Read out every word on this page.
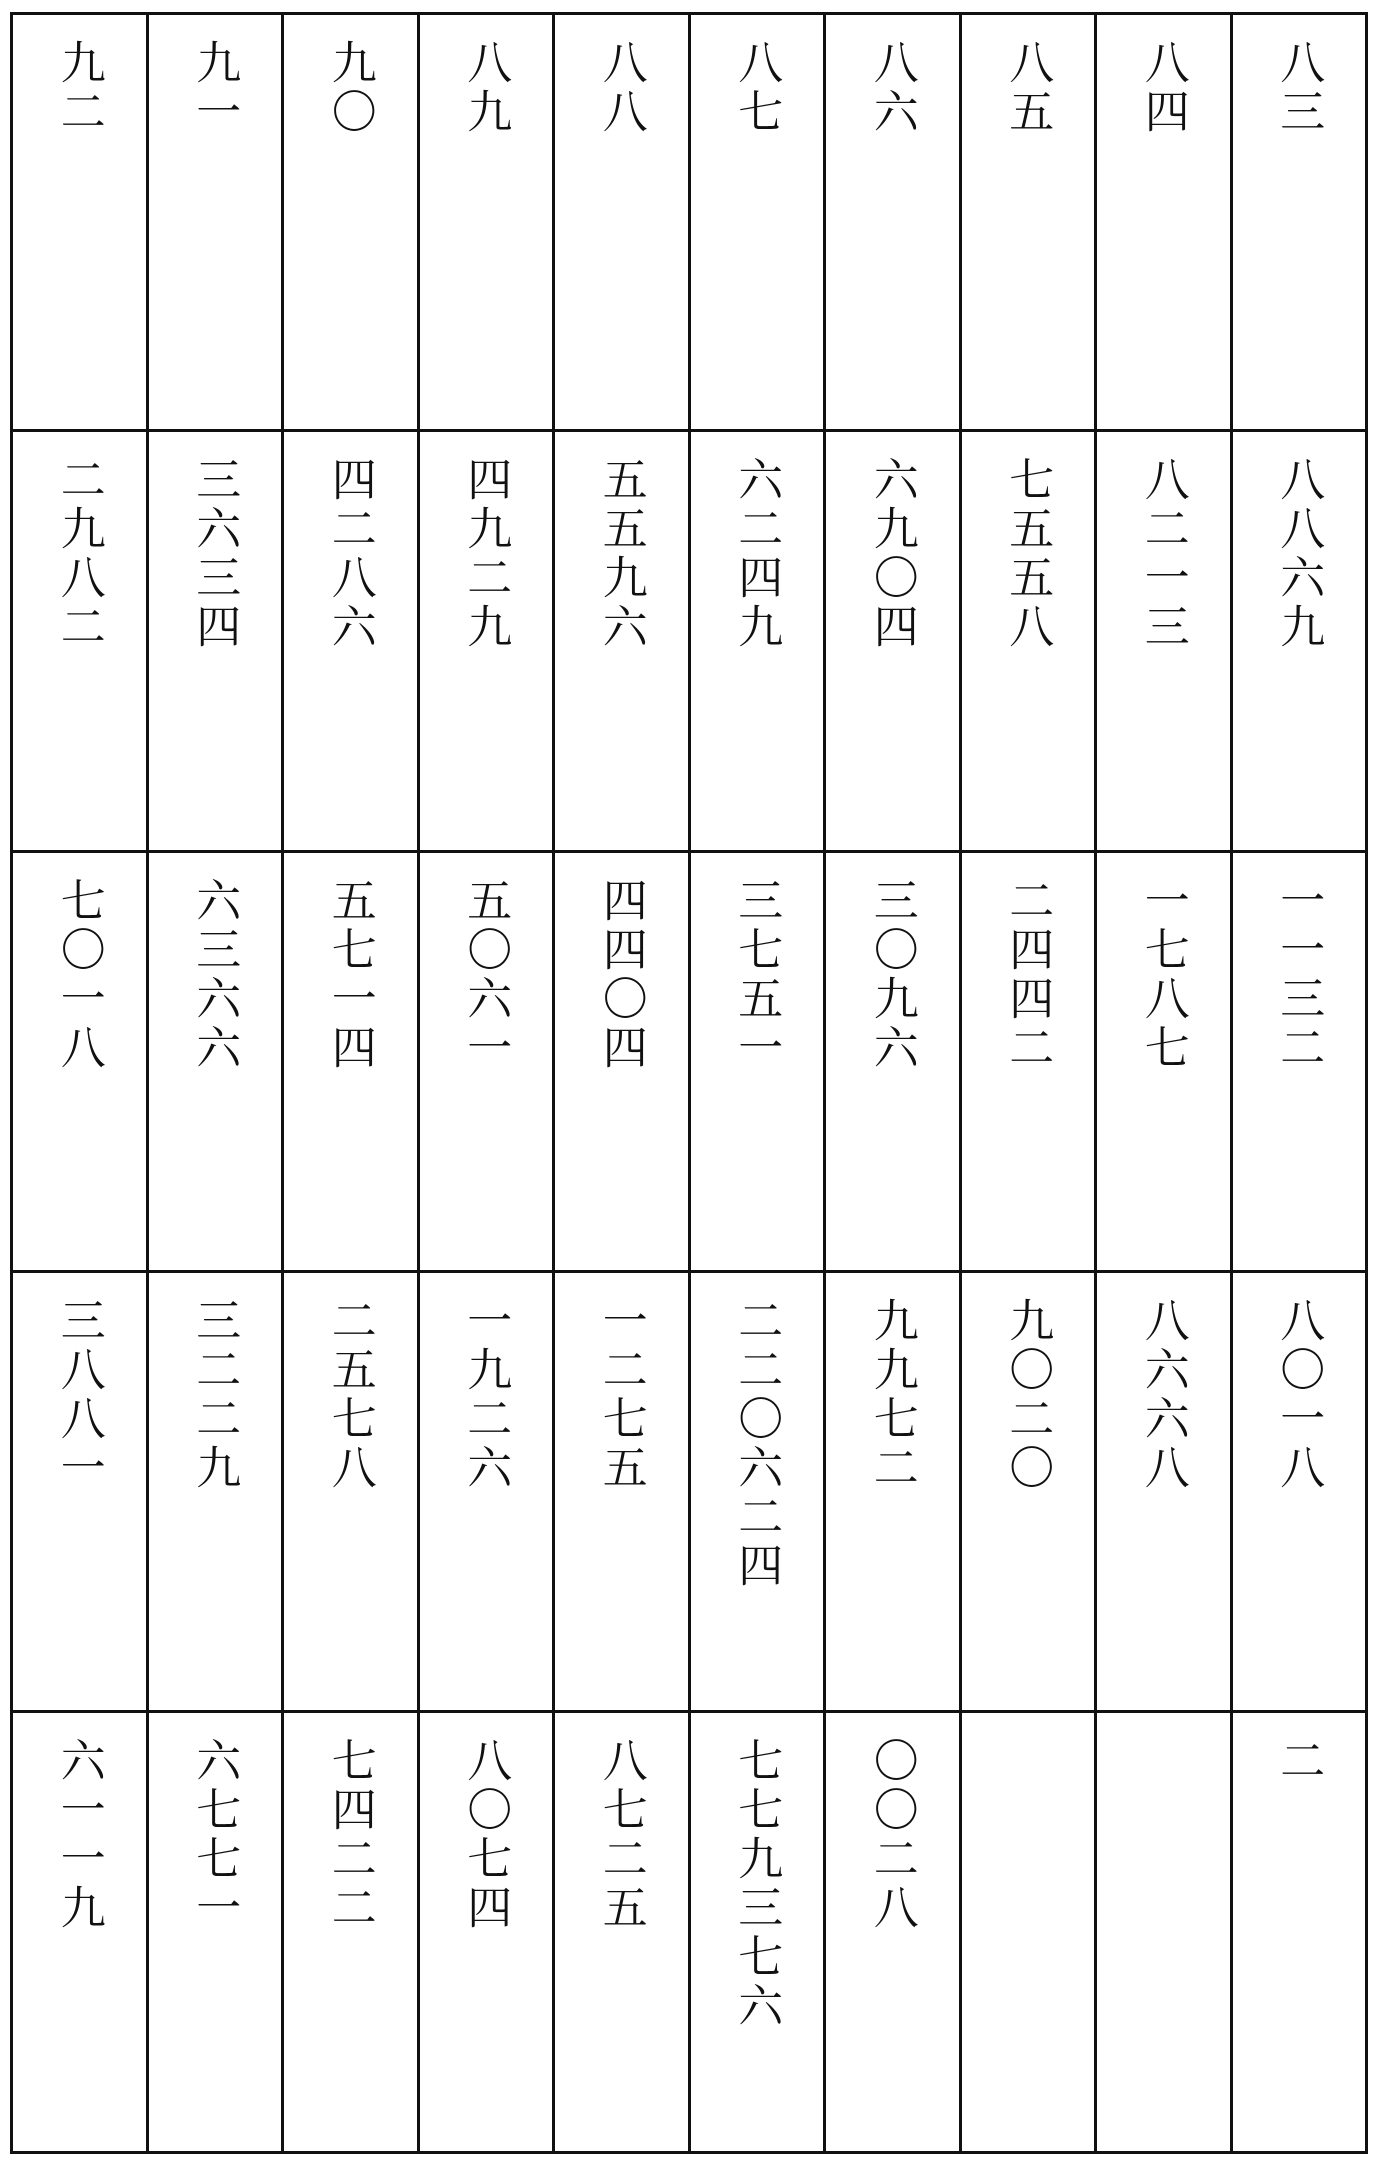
九二	九一	九〇	八九	八八	八七	八六	八五	八四	八三
二九八二	三六三四	四二八六	四九二九	五五九六	六二四九	六九〇四	七五五八	八二一三	八八六九
七〇一八	六三六六	五七一四	五〇六一	四四〇四	三七五一	三〇九六	二四四二	一七八七	一一三二
三八八一	三二二九	二五七八	一九二六	一二七五	二二〇六二四	九九七二	九〇二〇	八六六八	八〇一八
六一一九	六七七一	七四二二	八〇七四	八七二五	七七九三七六	〇〇二八			二
